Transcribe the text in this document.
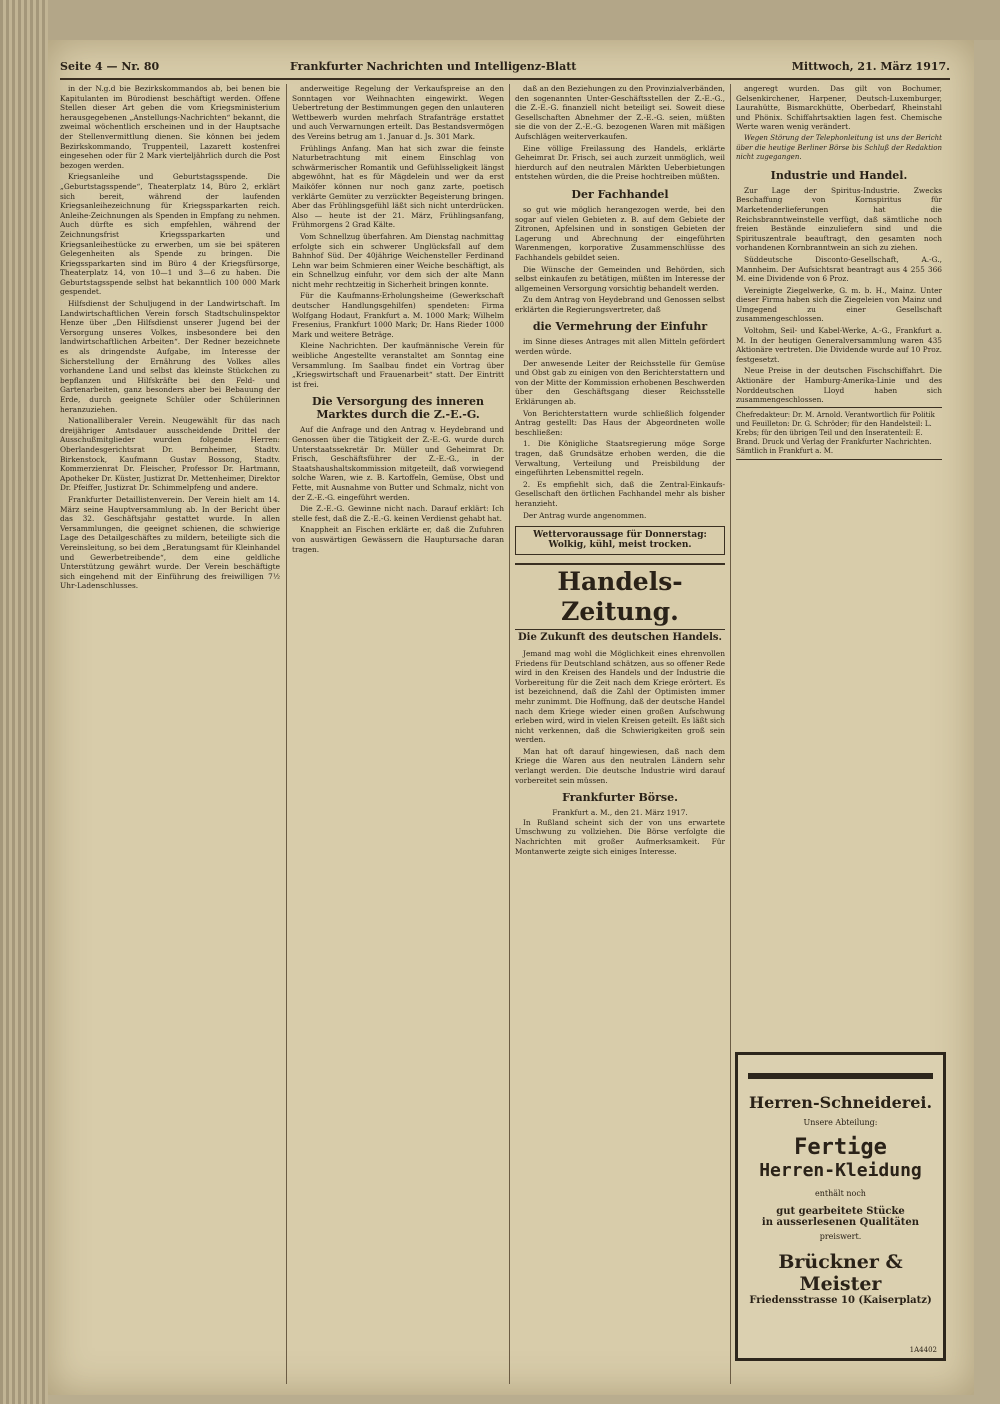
Seite 4 — Nr. 80	Frankfurter Nachrichten und Intelligenz-Blatt	Mittwoch, 21. März 1917.

in der N.g.d bie Bezirkskommandos ab, bei benen bie Kapitulanten im Bürodienst beschäftigt werden. Offene Stellen dieser Art geben die vom Kriegsministerium herausgegebenen „Anstellungs-Nachrichten“ bekannt, die zweimal wöchentlich erscheinen und in der Hauptsache der Stellenvermittlung dienen. Sie können bei jedem Bezirkskommando, Truppenteil, Lazarett kostenfrei eingesehen oder für 2 Mark vierteljährlich durch die Post bezogen werden.

Kriegsanleihe und Geburtstagsspende. Die „Geburtstagsspende“, Theaterplatz 14, Büro 2, erklärt sich bereit, während der laufenden Kriegsanleihezeichnung für Kriegssparkarten reich. Anleihe-Zeichnungen als Spenden in Empfang zu nehmen. Auch dürfte es sich empfehlen, während der Zeichnungsfrist Kriegssparkarten und Kriegsanleihestücke zu erwerben, um sie bei späteren Gelegenheiten als Spende zu bringen. Die Kriegssparkarten sind im Büro 4 der Kriegsfürsorge, Theaterplatz 14, von 10—1 und 3—6 zu haben. Die Geburtstagsspende selbst hat bekanntlich 100 000 Mark gespendet.

Hilfsdienst der Schuljugend in der Landwirtschaft. Im Landwirtschaftlichen Verein forsch Stadtschulinspektor Henze über „Den Hilfsdienst unserer Jugend bei der Versorgung unseres Volkes, insbesondere bei den landwirtschaftlichen Arbeiten“. Der Redner bezeichnete es als dringendste Aufgabe, im Interesse der Sicherstellung der Ernährung des Volkes alles vorhandene Land und selbst das kleinste Stückchen zu bepflanzen und Hilfskräfte bei den Feld- und Gartenarbeiten, ganz besonders aber bei Bebauung der Erde, durch geeignete Schüler oder Schülerinnen heranzuziehen.

Nationalliberaler Verein. Neugewählt für das nach dreijähriger Amtsdauer ausscheidende Drittel der Ausschußmitglieder wurden folgende Herren: Oberlandesgerichtsrat Dr. Bernheimer, Stadtv. Birkenstock, Kaufmann Gustav Bossong, Stadtv. Kommerzienrat Dr. Fleischer, Professor Dr. Hartmann, Apotheker Dr. Küster, Justizrat Dr. Mettenheimer, Direktor Dr. Pfeiffer, Justizrat Dr. Schimmelpfeng und andere.

Frankfurter Detaillistenverein. Der Verein hielt am 14. März seine Hauptversammlung ab. In der Bericht über das 32. Geschäftsjahr gestattet wurde. In allen Versammlungen, die geeignet schienen, die schwierige Lage des Detailgeschäftes zu mildern, beteiligte sich die Vereinsleitung, so bei dem „Beratungsamt für Kleinhandel und Gewerbetreibende“, dem eine geldliche Unterstützung gewährt wurde. Der Verein beschäftigte sich eingehend mit der Einführung des freiwilligen 7½ Uhr-Ladenschlusses.

anderweitige Regelung der Verkaufspreise an den Sonntagen vor Weihnachten eingewirkt. Wegen Uebertretung der Bestimmungen gegen den unlauteren Wettbewerb wurden mehrfach Strafanträge erstattet und auch Verwarnungen erteilt. Das Bestandsvermögen des Vereins betrug am 1. Januar d. Js. 301 Mark.

Frühlings Anfang. Man hat sich zwar die feinste Naturbetrachtung mit einem Einschlag von schwärmerischer Romantik und Gefühlsseligkeit längst abgewöhnt, hat es für Mägdelein und wer da erst Maiköfer können nur noch ganz zarte, poetisch verklärte Gemüter zu verzückter Begeisterung bringen. Aber das Frühlingsgefühl läßt sich nicht unterdrücken. Also — heute ist der 21. März, Frühlingsanfang, Frühmorgens 2 Grad Kälte.

Vom Schnellzug überfahren. Am Dienstag nachmittag erfolgte sich ein schwerer Unglücksfall auf dem Bahnhof Süd. Der 40jährige Weichensteller Ferdinand Lehn war beim Schmieren einer Weiche beschäftigt, als ein Schnellzug einfuhr, vor dem sich der alte Mann nicht mehr rechtzeitig in Sicherheit bringen konnte.

Für die Kaufmanns-Erholungsheime (Gewerkschaft deutscher Handlungsgehilfen) spendeten: Firma Wolfgang Hodaut, Frankfurt a. M. 1000 Mark; Wilhelm Fresenius, Frankfurt 1000 Mark; Dr. Hans Rieder 1000 Mark und weitere Beträge.

Kleine Nachrichten. Der kaufmännische Verein für weibliche Angestellte veranstaltet am Sonntag eine Versammlung. Im Saalbau findet ein Vortrag über „Kriegswirtschaft und Frauenarbeit“ statt. Der Eintritt ist frei.

Die Versorgung des inneren Marktes durch die Z.-E.-G.

Auf die Anfrage und den Antrag v. Heydebrand und Genossen über die Tätigkeit der Z.-E.-G. wurde durch Unterstaatssekretär Dr. Müller und Geheimrat Dr. Frisch, Geschäftsführer der Z.-E.-G., in der Staatshaushaltskommission mitgeteilt, daß vorwiegend solche Waren, wie z. B. Kartoffeln, Gemüse, Obst und Fette, mit Ausnahme von Butter und Schmalz, nicht von der Z.-E.-G. eingeführt werden.

Die Z.-E.-G. Gewinne nicht nach. Darauf erklärt: Ich stelle fest, daß die Z.-E.-G. keinen Verdienst gehabt hat.

Knappheit an Fischen erklärte er, daß die Zufuhren von auswärtigen Gewässern die Hauptursache daran tragen.

daß an den Beziehungen zu den Provinzialverbänden, den sogenannten Unter-Geschäftsstellen der Z.-E.-G., die Z.-E.-G. finanziell nicht beteiligt sei. Soweit diese Gesellschaften Abnehmer der Z.-E.-G. seien, müßten sie die von der Z.-E.-G. bezogenen Waren mit mäßigen Aufschlägen weiterverkaufen.

Eine völlige Freilassung des Handels, erklärte Geheimrat Dr. Frisch, sei auch zurzeit unmöglich, weil hierdurch auf den neutralen Märkten Ueberbietungen entstehen würden, die die Preise hochtreiben müßten.

Der Fachhandel

so gut wie möglich herangezogen werde, bei den sogar auf vielen Gebieten z. B. auf dem Gebiete der Zitronen, Apfelsinen und in sonstigen Gebieten der Lagerung und Abrechnung der eingeführten Warenmengen, korporative Zusammenschlüsse des Fachhandels gebildet seien.

Die Wünsche der Gemeinden und Behörden, sich selbst einkaufen zu betätigen, müßten im Interesse der allgemeinen Versorgung vorsichtig behandelt werden.

Zu dem Antrag von Heydebrand und Genossen selbst erklärten die Regierungsvertreter, daß

die Vermehrung der Einfuhr

im Sinne dieses Antrages mit allen Mitteln gefördert werden würde.

Der anwesende Leiter der Reichsstelle für Gemüse und Obst gab zu einigen von den Berichterstattern und von der Mitte der Kommission erhobenen Beschwerden über den Geschäftsgang dieser Reichsstelle Erklärungen ab.

Von Berichterstattern wurde schließlich folgender Antrag gestellt: Das Haus der Abgeordneten wolle beschließen:

1. Die Königliche Staatsregierung möge Sorge tragen, daß Grundsätze erhoben werden, die die Verwaltung, Verteilung und Preisbildung der eingeführten Lebensmittel regeln.

2. Es empfiehlt sich, daß die Zentral-Einkaufs-Gesellschaft den örtlichen Fachhandel mehr als bisher heranzieht.

Der Antrag wurde angenommen.

Wettervoraussage für Donnerstag:
Wolkig, kühl, meist trocken.
Handels-Zeitung.
Die Zukunft des deutschen Handels.

Jemand mag wohl die Möglichkeit eines ehrenvollen Friedens für Deutschland schätzen, aus so offener Rede wird in den Kreisen des Handels und der Industrie die Vorbereitung für die Zeit nach dem Kriege erörtert. Es ist bezeichnend, daß die Zahl der Optimisten immer mehr zunimmt. Die Hoffnung, daß der deutsche Handel nach dem Kriege wieder einen großen Aufschwung erleben wird, wird in vielen Kreisen geteilt. Es läßt sich nicht verkennen, daß die Schwierigkeiten groß sein werden.

Man hat oft darauf hingewiesen, daß nach dem Kriege die Waren aus den neutralen Ländern sehr verlangt werden. Die deutsche Industrie wird darauf vorbereitet sein müssen.

Frankfurter Börse.
Frankfurt a. M., den 21. März 1917.

In Rußland scheint sich der von uns erwartete Umschwung zu vollziehen. Die Börse verfolgte die Nachrichten mit großer Aufmerksamkeit. Für Montanwerte zeigte sich einiges Interesse.

angeregt wurden. Das gilt von Bochumer, Gelsenkirchener, Harpener, Deutsch-Luxemburger, Laurahütte, Bismarckhütte, Oberbedarf, Rheinstahl und Phönix. Schiffahrtsaktien lagen fest. Chemische Werte waren wenig verändert.

Wegen Störung der Telephonleitung ist uns der Bericht über die heutige Berliner Börse bis Schluß der Redaktion nicht zugegangen.

Industrie und Handel.

Zur Lage der Spiritus-Industrie. Zwecks Beschaffung von Kornspiritus für Marketenderlieferungen hat die Reichsbranntweinstelle verfügt, daß sämtliche noch freien Bestände einzuliefern sind und die Spirituszentrale beauftragt, den gesamten noch vorhandenen Kornbranntwein an sich zu ziehen.

Süddeutsche Disconto-Gesellschaft, A.-G., Mannheim. Der Aufsichtsrat beantragt aus 4 255 366 M. eine Dividende von 6 Proz.

Vereinigte Ziegelwerke, G. m. b. H., Mainz. Unter dieser Firma haben sich die Ziegeleien von Mainz und Umgegend zu einer Gesellschaft zusammengeschlossen.

Voltohm, Seil- und Kabel-Werke, A.-G., Frankfurt a. M. In der heutigen Generalversammlung waren 435 Aktionäre vertreten. Die Dividende wurde auf 10 Proz. festgesetzt.

Neue Preise in der deutschen Fischschiffahrt. Die Aktionäre der Hamburg-Amerika-Linie und des Norddeutschen Lloyd haben sich zusammengeschlossen.

Chefredakteur: Dr. M. Arnold. Verantwortlich für Politik und Feuilleton: Dr. G. Schröder; für den Handelsteil: L. Krebs; für den übrigen Teil und den Inseratenteil: E. Brand. Druck und Verlag der Frankfurter Nachrichten. Sämtlich in Frankfurt a. M.
Herren-Schneiderei.
Unsere Abteilung:
Fertige
Herren-Kleidung
enthält noch
gut gearbeitete Stücke
in ausserlesenen Qualitäten
preiswert.
Brückner & Meister
Friedensstrasse 10 (Kaiserplatz)
1A4402
